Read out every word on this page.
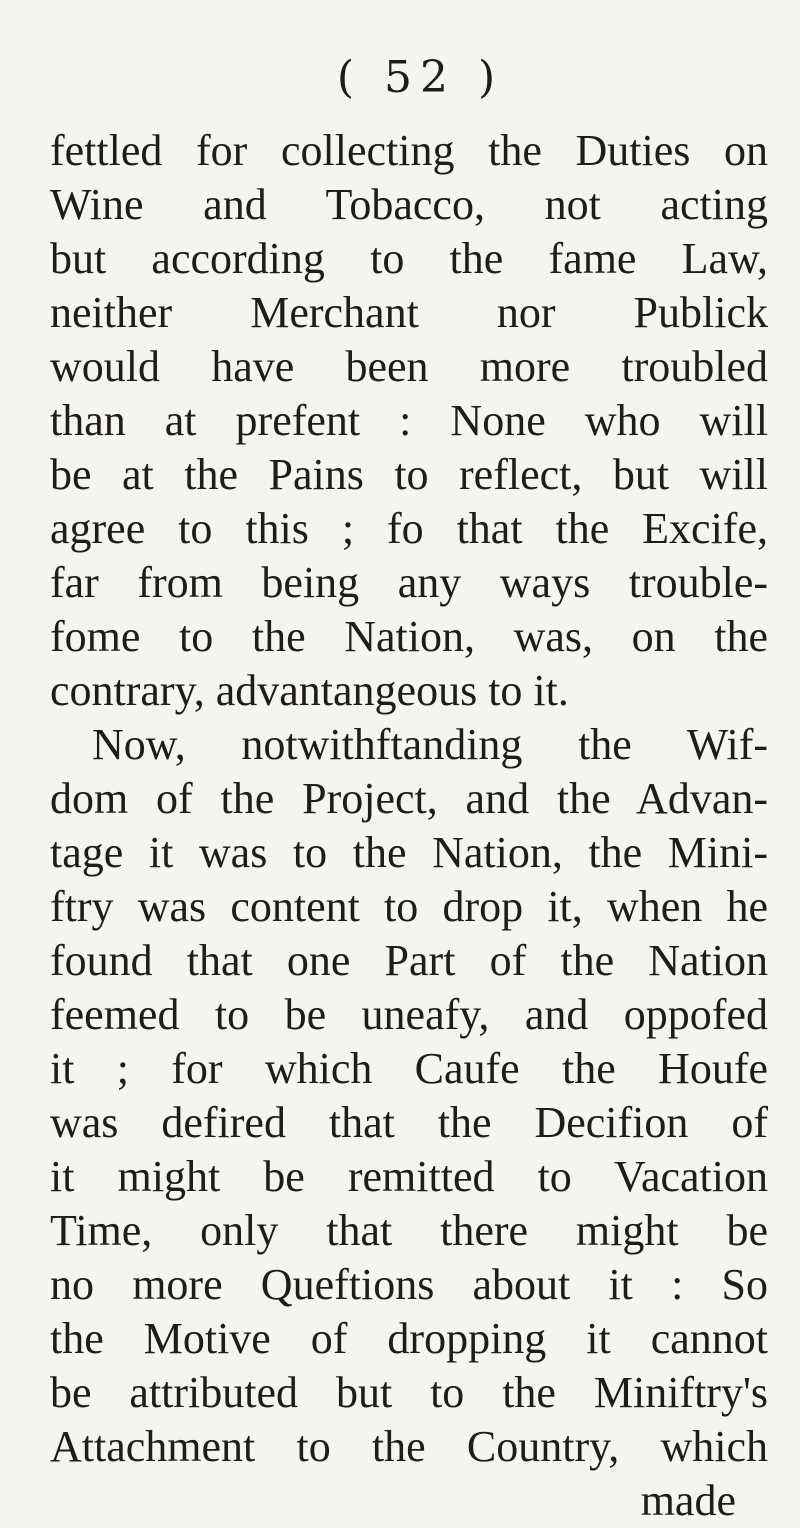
( 52 )
fettled for collecting the Duties on
Wine and Tobacco, not acting
but according to the fame Law,
neither Merchant nor Publick
would have been more troubled
than at prefent : None who will
be at the Pains to reflect, but will
agree to this ; fo that the Excife,
far from being any ways trouble-
fome to the Nation, was, on the
contrary, advantangeous to it.
Now, notwithftanding the Wif-
dom of the Project, and the Advan-
tage it was to the Nation, the Mini-
ftry was content to drop it, when he
found that one Part of the Nation
feemed to be uneafy, and oppofed
it ; for which Caufe the Houfe
was defired that the Decifion of
it might be remitted to Vacation
Time, only that there might be
no more Queftions about it : So
the Motive of dropping it cannot
be attributed but to the Miniftry's
Attachment to the Country, which
made
